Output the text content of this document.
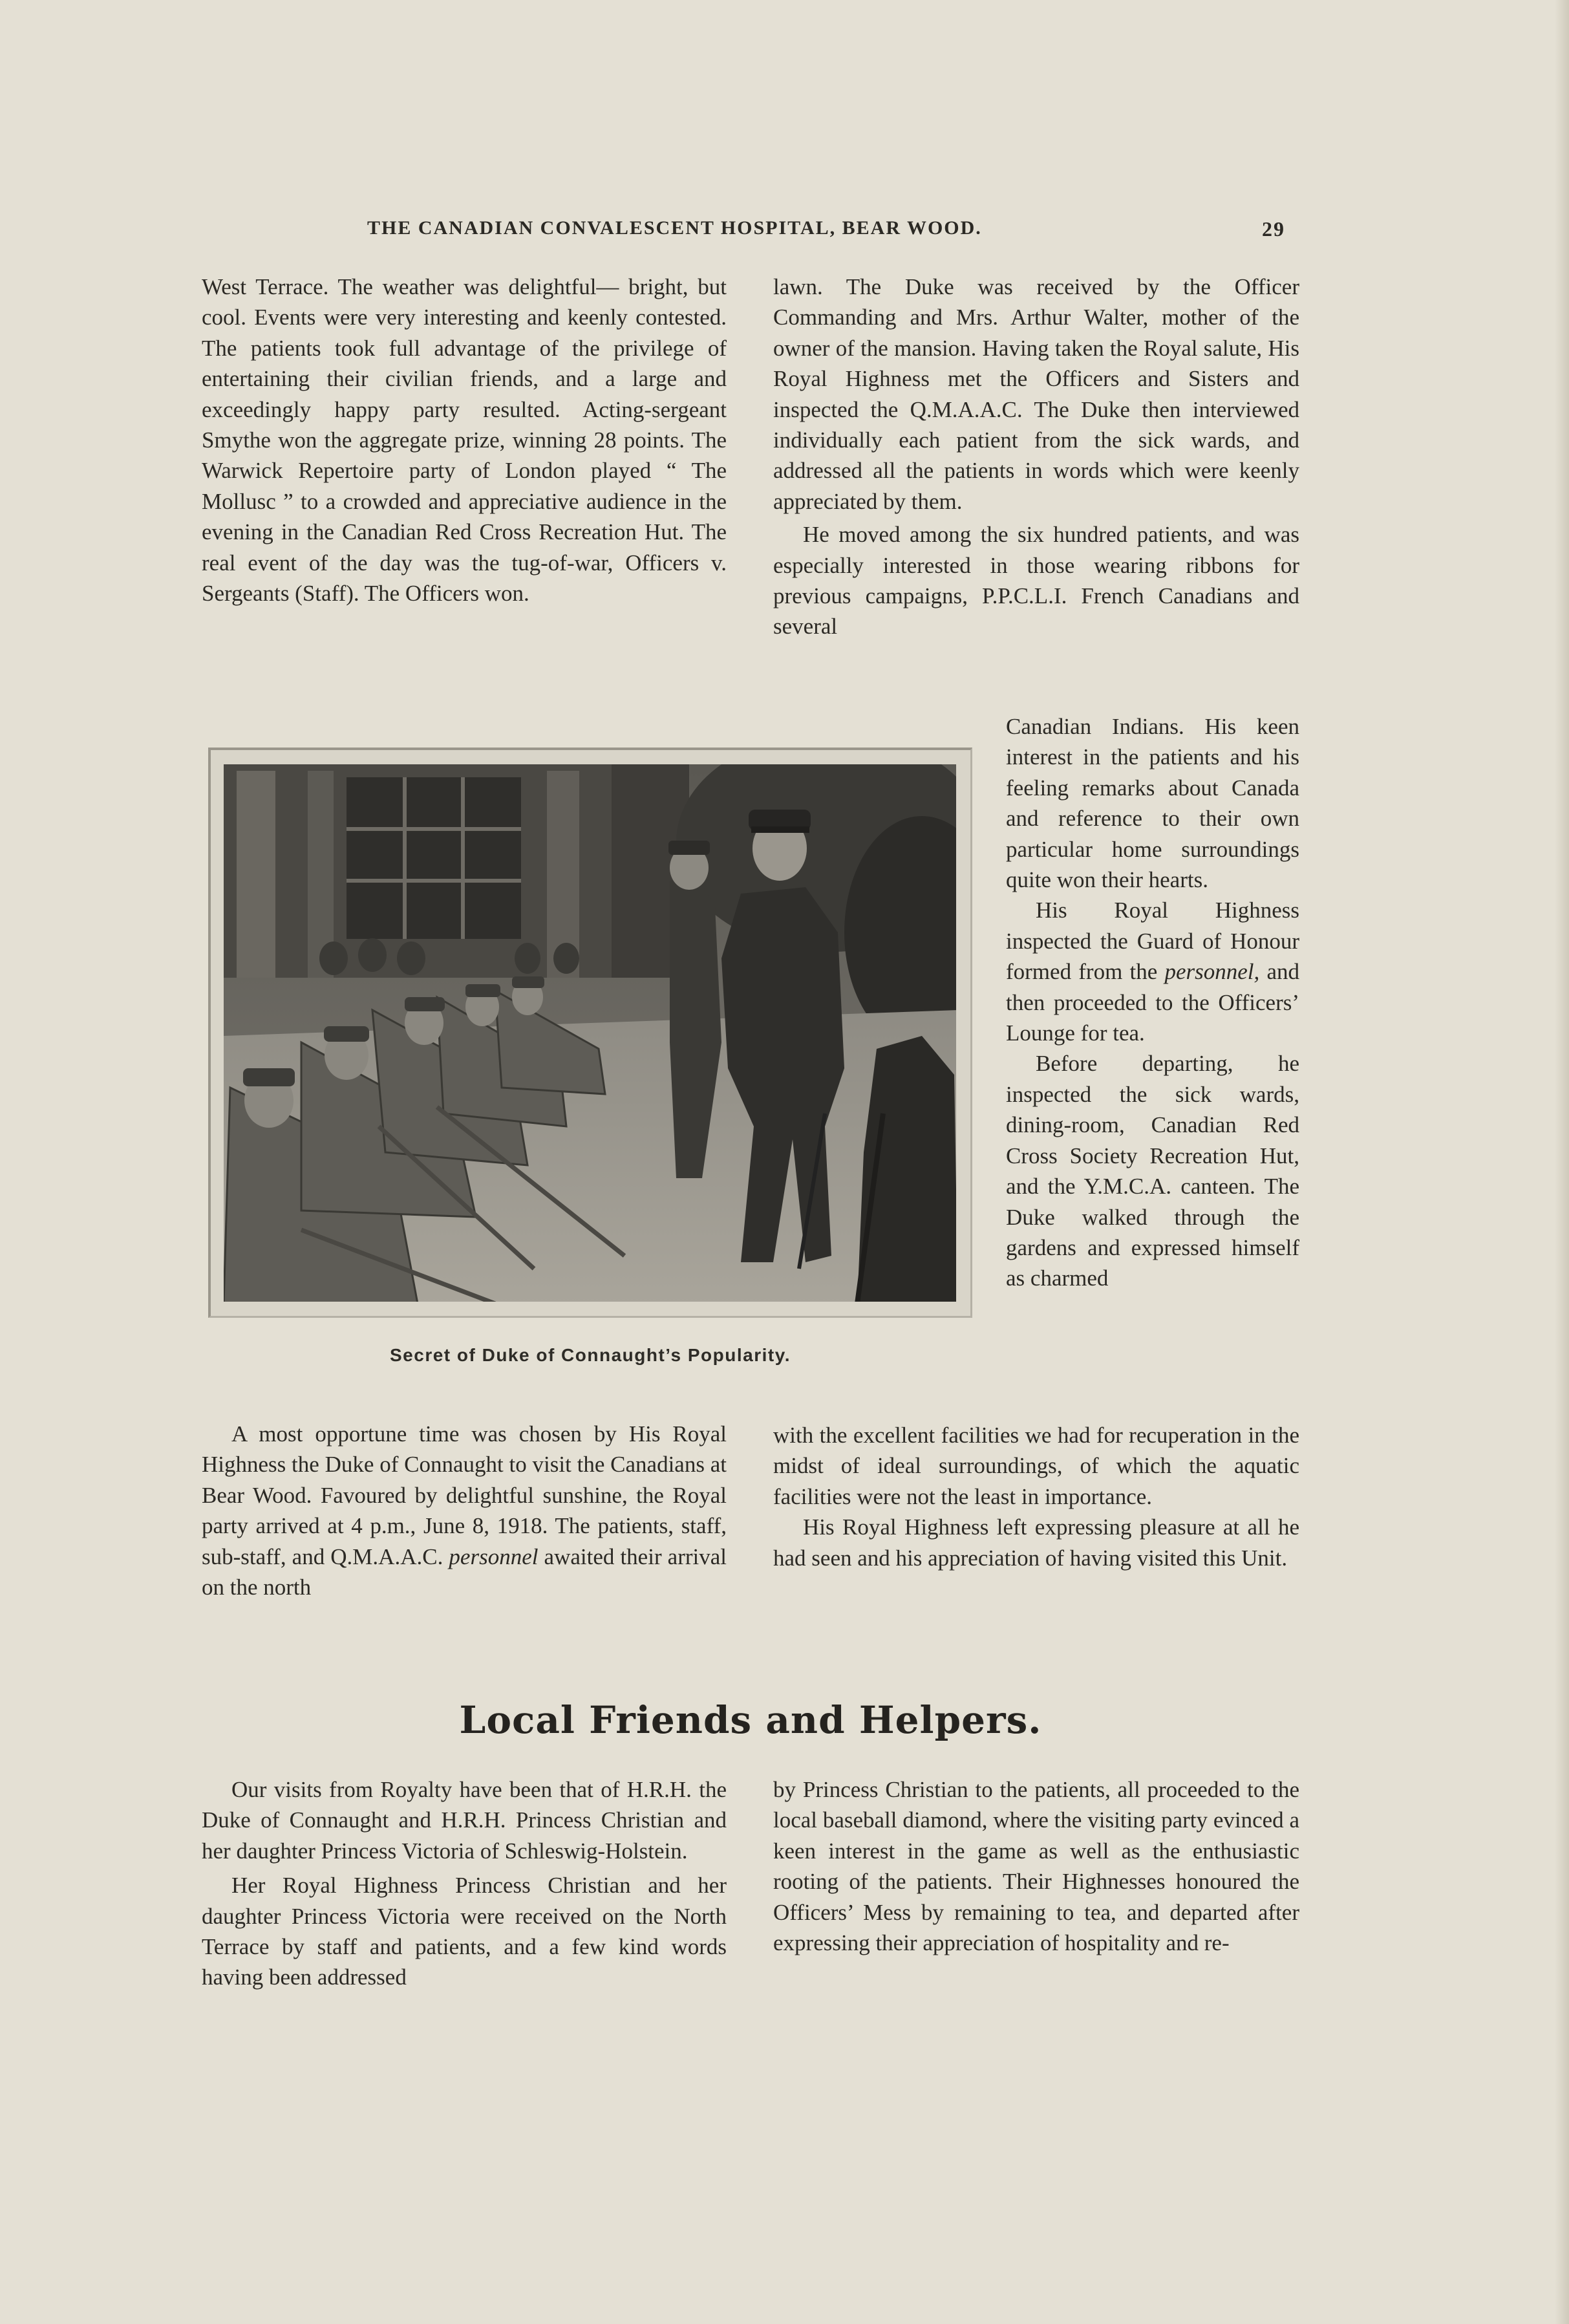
THE CANADIAN CONVALESCENT HOSPITAL, BEAR WOOD.	29

West Terrace. The weather was delightful— bright, but cool. Events were very interesting and keenly contested. The patients took full advantage of the privilege of entertaining their civilian friends, and a large and exceedingly happy party resulted. Acting-sergeant Smythe won the aggregate prize, winning 28 points. The Warwick Repertoire party of London played “ The Mollusc ” to a crowded and appreciative audience in the evening in the Canadian Red Cross Recreation Hut. The real event of the day was the tug-of-war, Officers v. Sergeants (Staff). The Officers won.

lawn. The Duke was received by the Officer Commanding and Mrs. Arthur Walter, mother of the owner of the mansion. Having taken the Royal salute, His Royal Highness met the Officers and Sisters and inspected the Q.M.A.A.C. The Duke then interviewed individually each patient from the sick wards, and addressed all the patients in words which were keenly appreciated by them.

He moved among the six hundred patients, and was especially interested in those wearing ribbons for previous campaigns, P.P.C.L.I. French Canadians and several

Canadian Indians. His keen interest in the patients and his feeling remarks about Canada and reference to their own particular home surroundings quite won their hearts.

His Royal Highness inspected the Guard of Honour formed from the personnel, and then proceeded to the Officers’ Lounge for tea.

Before departing, he inspected the sick wards, dining-room, Canadian Red Cross Society Recreation Hut, and the Y.M.C.A. canteen. The Duke walked through the gardens and expressed himself as charmed

Secret of Duke of Connaught’s Popularity.

A most opportune time was chosen by His Royal Highness the Duke of Connaught to visit the Canadians at Bear Wood. Favoured by delightful sunshine, the Royal party arrived at 4 p.m., June 8, 1918. The patients, staff, sub-staff, and Q.M.A.A.C. personnel awaited their arrival on the north

with the excellent facilities we had for recuperation in the midst of ideal surroundings, of which the aquatic facilities were not the least in importance.

His Royal Highness left expressing pleasure at all he had seen and his appreciation of having visited this Unit.

Local Friends and Helpers.

Our visits from Royalty have been that of H.R.H. the Duke of Connaught and H.R.H. Princess Christian and her daughter Princess Victoria of Schleswig-Holstein.

Her Royal Highness Princess Christian and her daughter Princess Victoria were received on the North Terrace by staff and patients, and a few kind words having been addressed

by Princess Christian to the patients, all proceeded to the local baseball diamond, where the visiting party evinced a keen interest in the game as well as the enthusiastic rooting of the patients. Their Highnesses honoured the Officers’ Mess by remaining to tea, and departed after expressing their appreciation of hospitality and re-
